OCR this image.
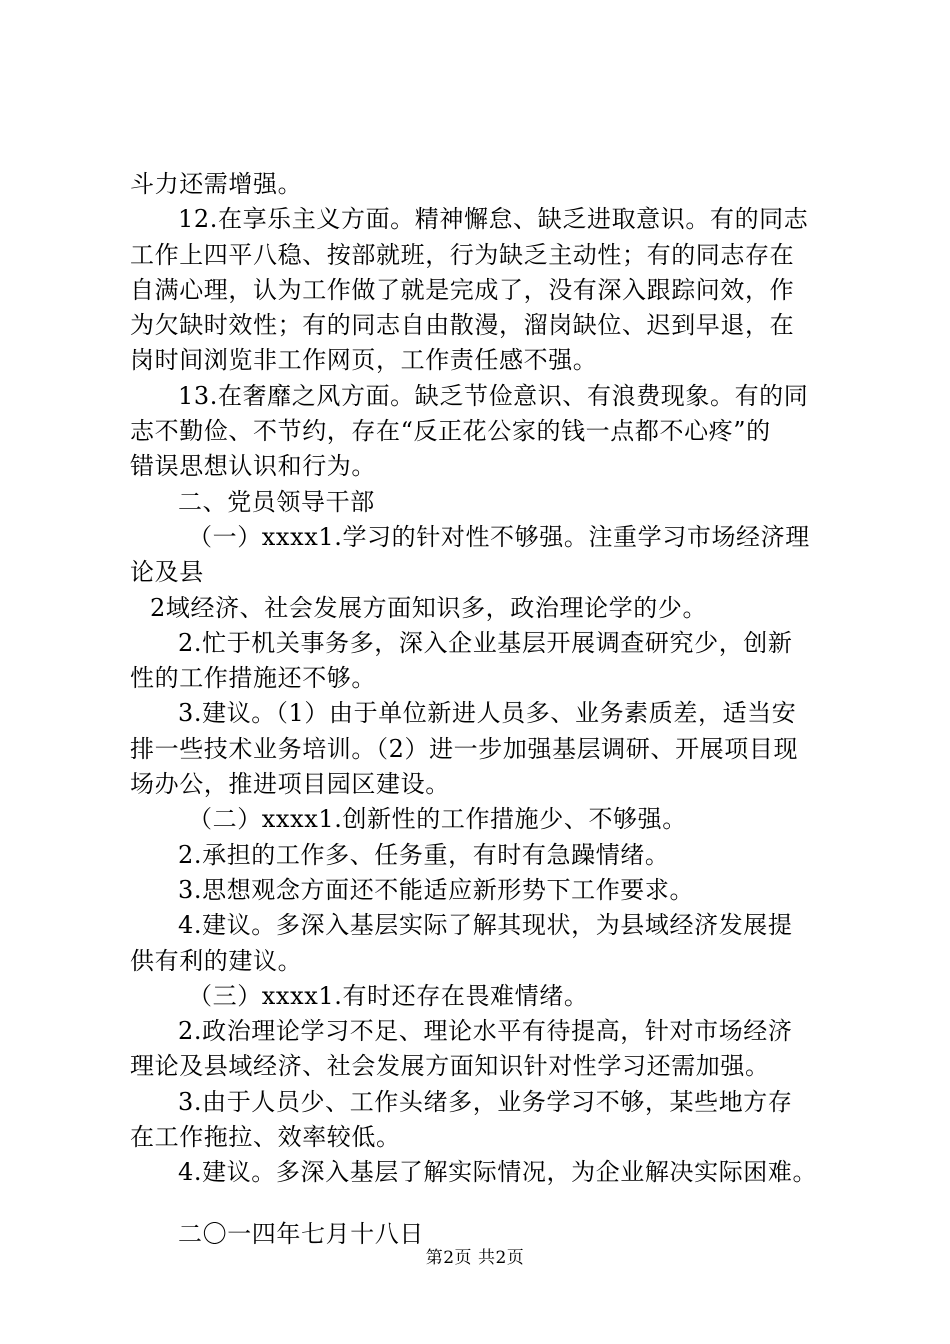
斗力还需增强。
12.在享乐主义方面。精神懈怠、缺乏进取意识。有的同志
工作上四平八稳、按部就班，行为缺乏主动性；有的同志存在
自满心理，认为工作做了就是完成了，没有深入跟踪问效，作
为欠缺时效性；有的同志自由散漫，溜岗缺位、迟到早退，在
岗时间浏览非工作网页，工作责任感不强。
13.在奢靡之风方面。缺乏节俭意识、有浪费现象。有的同
志不勤俭、不节约，存在“反正花公家的钱一点都不心疼”的
错误思想认识和行为。
二、党员领导干部
（一）xxxx1.学习的针对性不够强。注重学习市场经济理
论及县
2域经济、社会发展方面知识多，政治理论学的少。
2.忙于机关事务多，深入企业基层开展调查研究少，创新
性的工作措施还不够。
3.建议。（1）由于单位新进人员多、业务素质差，适当安
排一些技术业务培训。（2）进一步加强基层调研、开展项目现
场办公，推进项目园区建设。
（二）xxxx1.创新性的工作措施少、不够强。
2.承担的工作多、任务重，有时有急躁情绪。
3.思想观念方面还不能适应新形势下工作要求。
4.建议。多深入基层实际了解其现状，为县域经济发展提
供有利的建议。
（三）xxxx1.有时还存在畏难情绪。
2.政治理论学习不足、理论水平有待提高，针对市场经济
理论及县域经济、社会发展方面知识针对性学习还需加强。
3.由于人员少、工作头绪多，业务学习不够，某些地方存
在工作拖拉、效率较低。
4.建议。多深入基层了解实际情况，为企业解决实际困难。
二〇一四年七月十八日
第2页 共2页
